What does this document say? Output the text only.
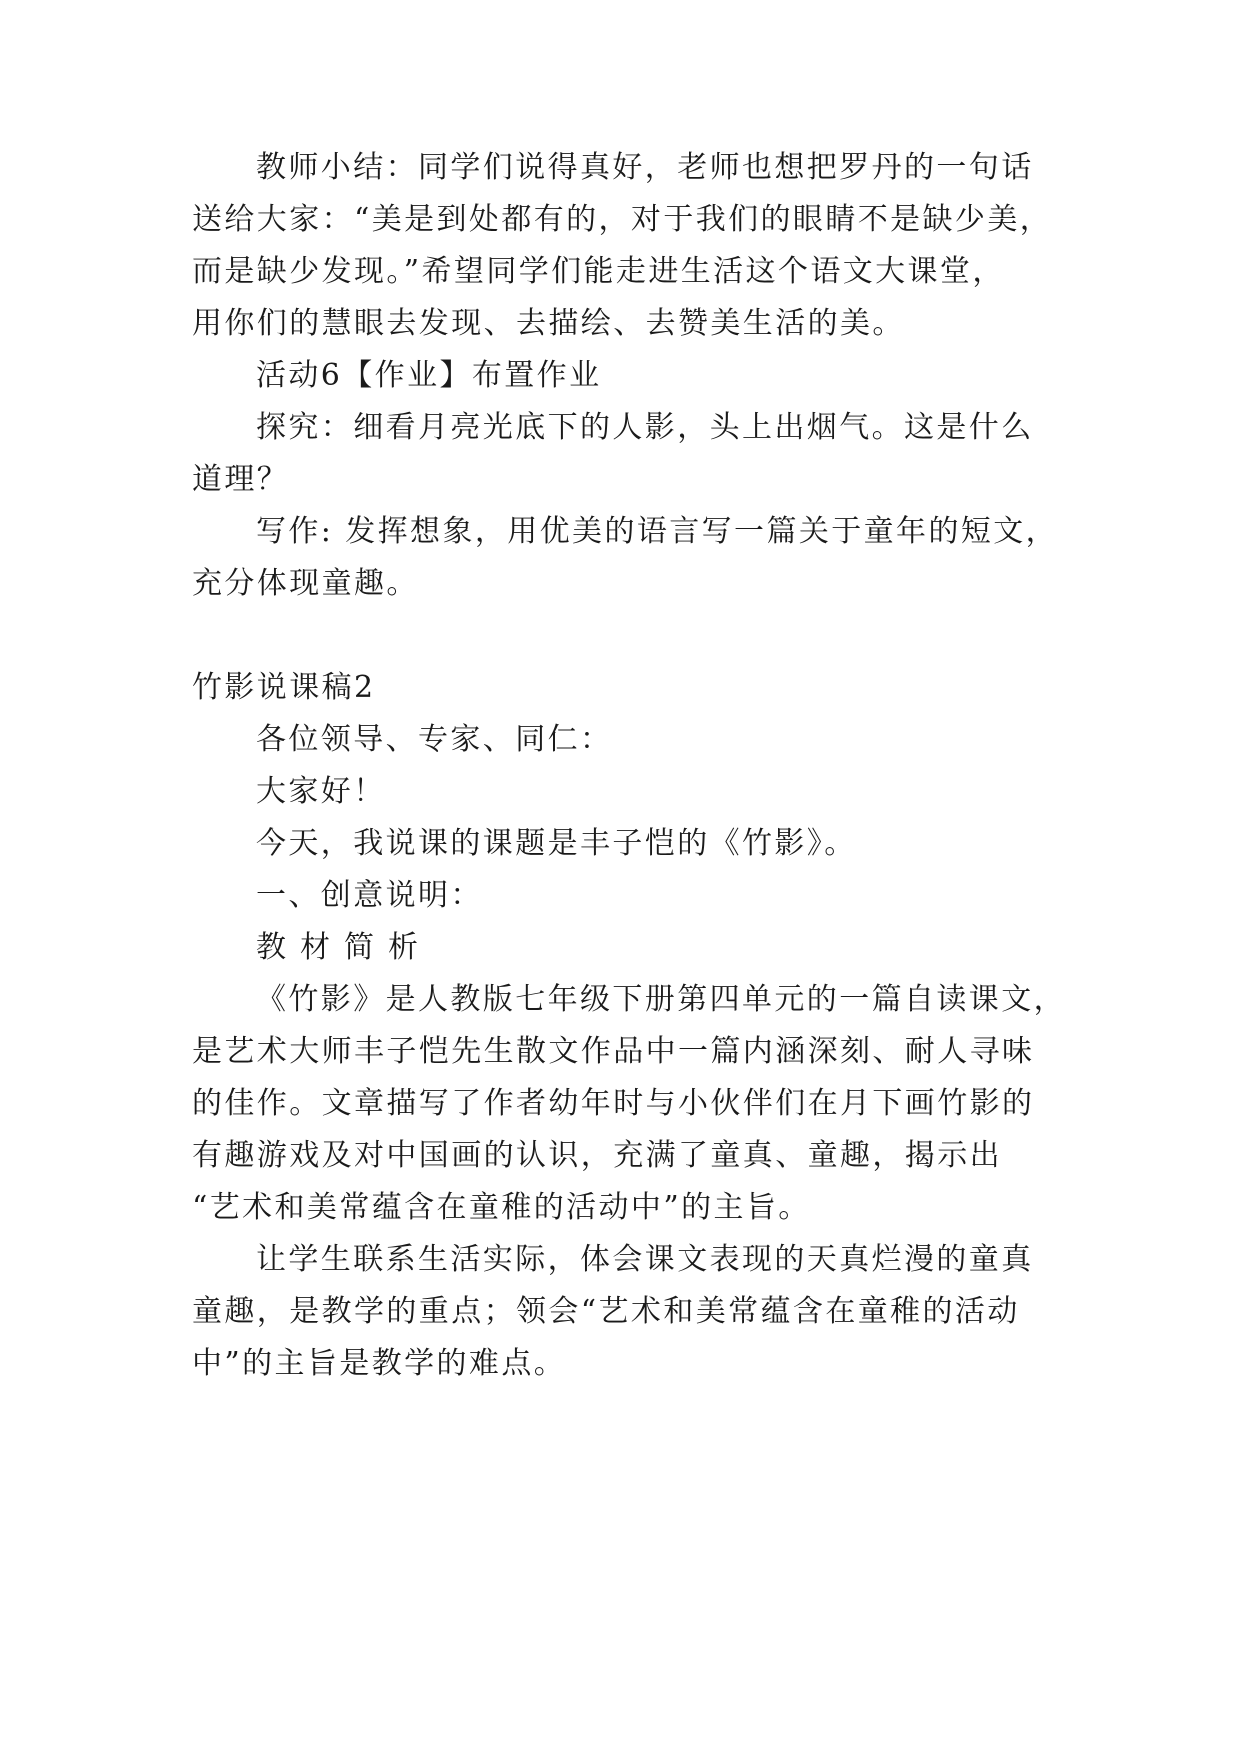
教师小结：同学们说得真好，老师也想把罗丹的一句话
送给大家：“美是到处都有的，对于我们的眼睛不是缺少美，
而是缺少发现。”希望同学们能走进生活这个语文大课堂，
用你们的慧眼去发现、去描绘、去赞美生活的美。
活动6【作业】布置作业
探究：细看月亮光底下的人影，头上出烟气。这是什么
道理？
写作: 发挥想象，用优美的语言写一篇关于童年的短文，
充分体现童趣。
竹影说课稿2
各位领导、专家、同仁：
大家好！
今天，我说课的课题是丰子恺的《竹影》。
一、创意说明：
教材简析
《竹影》是人教版七年级下册第四单元的一篇自读课文，
是艺术大师丰子恺先生散文作品中一篇内涵深刻、耐人寻味
的佳作。文章描写了作者幼年时与小伙伴们在月下画竹影的
有趣游戏及对中国画的认识，充满了童真、童趣，揭示出
“艺术和美常蕴含在童稚的活动中”的主旨。
让学生联系生活实际，体会课文表现的天真烂漫的童真
童趣，是教学的重点；领会“艺术和美常蕴含在童稚的活动
中”的主旨是教学的难点。
